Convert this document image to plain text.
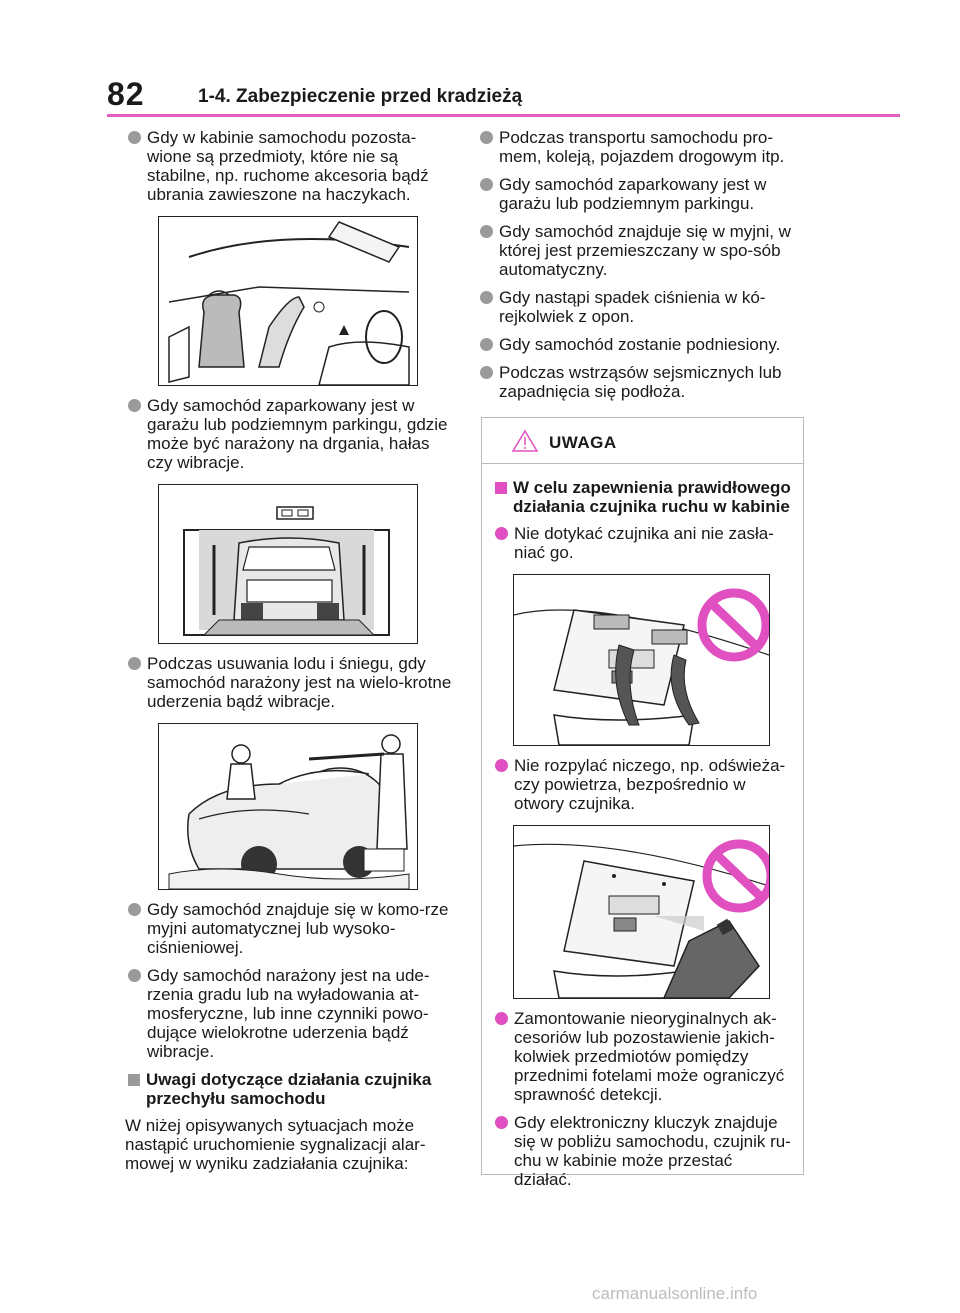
82	1-4. Zabezpieczenie przed kradzieżą
Gdy w kabinie samochodu pozosta-wione są przedmioty, które nie są stabilne, np. ruchome akcesoria bądź ubrania zawieszone na haczykach.
Gdy samochód zaparkowany jest w garażu lub podziemnym parkingu, gdzie może być narażony na drgania, hałas czy wibracje.
Podczas usuwania lodu i śniegu, gdy samochód narażony jest na wielo-krotne uderzenia bądź wibracje.
Gdy samochód znajduje się w komo-rze myjni automatycznej lub wysoko-ciśnieniowej.
Gdy samochód narażony jest na ude-rzenia gradu lub na wyładowania at-mosferyczne, lub inne czynniki powo-dujące wielokrotne uderzenia bądź wibracje.
Uwagi dotyczące działania czujnika przechyłu samochodu
W niżej opisywanych sytuacjach może nastąpić uruchomienie sygnalizacji alar-mowej w wyniku zadziałania czujnika:
Podczas transportu samochodu pro-mem, koleją, pojazdem drogowym itp.
Gdy samochód zaparkowany jest w garażu lub podziemnym parkingu.
Gdy samochód znajduje się w myjni, w której jest przemieszczany w spo-sób automatyczny.
Gdy nastąpi spadek ciśnienia w kó-rejkolwiek z opon.
Gdy samochód zostanie podniesiony.
Podczas wstrząsów sejsmicznych lub zapadnięcia się podłoża.
UWAGA
W celu zapewnienia prawidłowego działania czujnika ruchu w kabinie
Nie dotykać czujnika ani nie zasła-niać go.
Nie rozpylać niczego, np. odświeża-czy powietrza, bezpośrednio w otwory czujnika.
Zamontowanie nieoryginalnych ak-cesoriów lub pozostawienie jakich-kolwiek przedmiotów pomiędzy przednimi fotelami może ograniczyć sprawność detekcji.
Gdy elektroniczny kluczyk znajduje się w pobliżu samochodu, czujnik ru-chu w kabinie może przestać działać.
carmanualsonline.info
